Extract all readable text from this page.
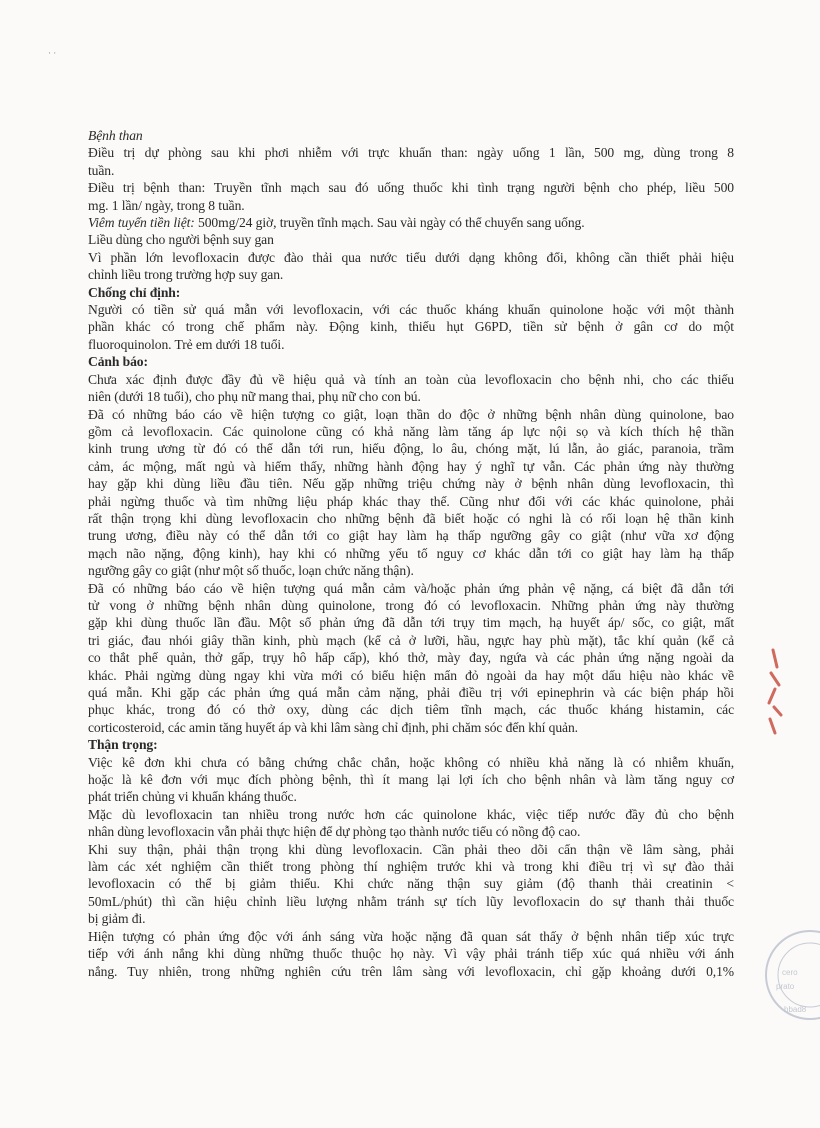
· ·
Bệnh than
Điều trị dự phòng sau khi phơi nhiễm với trực khuẩn than: ngày uống 1 lần, 500 mg, dùng trong 8
tuần.
Điều trị bệnh than: Truyền tĩnh mạch sau đó uống thuốc khi tình trạng người bệnh cho phép, liều 500
mg. 1 lần/ ngày, trong 8 tuần.
Viêm tuyến tiền liệt: 500mg/24 giờ, truyền tĩnh mạch. Sau vài ngày có thể chuyển sang uống.
Liều dùng cho người bệnh suy gan
Vì phần lớn levofloxacin được đào thải qua nước tiểu dưới dạng không đổi, không cần thiết phải hiệu
chỉnh liều trong trường hợp suy gan.
Chống chỉ định:
Người có tiền sử quá mẫn với levofloxacin, với các thuốc kháng khuẩn quinolone hoặc với một thành
phần khác có trong chế phẩm này. Động kinh, thiếu hụt G6PD, tiền sử bệnh ở gân cơ do một
fluoroquinolon. Trẻ em dưới 18 tuổi.
Cảnh báo:
Chưa xác định được đầy đủ về hiệu quả và tính an toàn của levofloxacin cho bệnh nhi, cho các thiếu
niên (dưới 18 tuổi), cho phụ nữ mang thai, phụ nữ cho con bú.
Đã có những báo cáo về hiện tượng co giật, loạn thần do độc ở những bệnh nhân dùng quinolone, bao
gồm cả levofloxacin. Các quinolone cũng có khả năng làm tăng áp lực nội sọ và kích thích hệ thần
kinh trung ương từ đó có thể dẫn tới run, hiếu động, lo âu, chóng mặt, lú lẫn, ảo giác, paranoia, trầm
cảm, ác mộng, mất ngủ và hiếm thấy, những hành động hay ý nghĩ tự vẫn. Các phản ứng này thường
hay gặp khi dùng liều đầu tiên. Nếu gặp những triệu chứng này ở bệnh nhân dùng levofloxacin, thì
phải ngừng thuốc và tìm những liệu pháp khác thay thế. Cũng như đối với các khác quinolone, phải
rất thận trọng khi dùng levofloxacin cho những bệnh đã biết hoặc có nghi là có rối loạn hệ thần kinh
trung ương, điều này có thể dẫn tới co giật hay làm hạ thấp ngưỡng gây co giật (như vữa xơ động
mạch não nặng, động kinh), hay khi có những yếu tố nguy cơ khác dẫn tới co giật hay làm hạ thấp
ngưỡng gây co giật (như một số thuốc, loạn chức năng thận).
Đã có những báo cáo về hiện tượng quá mẫn cảm và/hoặc phản ứng phản vệ nặng, cá biệt đã dẫn tới
tử vong ở những bệnh nhân dùng quinolone, trong đó có levofloxacin. Những phản ứng này thường
gặp khi dùng thuốc lần đầu. Một số phản ứng đã dẫn tới trụy tim mạch, hạ huyết áp/ sốc, co giật, mất
tri giác, đau nhói giây thần kinh, phù mạch (kể cả ở lưỡi, hầu, ngực hay phù mặt), tắc khí quản (kể cả
co thắt phế quản, thở gấp, trụy hô hấp cấp), khó thở, mày đay, ngứa và các phản ứng nặng ngoài da
khác. Phải ngừng dùng ngay khi vừa mới có biểu hiện mẩn đỏ ngoài da hay một dấu hiệu nào khác về
quá mẫn. Khi gặp các phản ứng quá mẫn cảm nặng, phải điều trị với epinephrin và các biện pháp hồi
phục khác, trong đó có thở oxy, dùng các dịch tiêm tĩnh mạch, các thuốc kháng histamin, các
corticosteroid, các amin tăng huyết áp và khi lâm sàng chỉ định, phi chăm sóc đến khí quản.
Thận trọng:
Việc kê đơn khi chưa có bằng chứng chắc chắn, hoặc không có nhiều khả năng là có nhiễm khuẩn,
hoặc là kê đơn với mục đích phòng bệnh, thì ít mang lại lợi ích cho bệnh nhân và làm tăng nguy cơ
phát triển chủng vi khuẩn kháng thuốc.
Mặc dù levofloxacin tan nhiều trong nước hơn các quinolone khác, việc tiếp nước đầy đủ cho bệnh
nhân dùng levofloxacin vẫn phải thực hiện để dự phòng tạo thành nước tiểu có nồng độ cao.
Khi suy thận, phải thận trọng khi dùng levofloxacin. Cần phải theo dõi cẩn thận về lâm sàng, phải
làm các xét nghiệm cần thiết trong phòng thí nghiệm trước khi và trong khi điều trị vì sự đào thải
levofloxacin có thể bị giảm thiểu. Khi chức năng thận suy giảm (độ thanh thải creatinin <
50mL/phút) thì cần hiệu chỉnh liều lượng nhằm tránh sự tích lũy levofloxacin do sự thanh thải thuốc
bị giảm đi.
Hiện tượng có phản ứng độc với ánh sáng vừa hoặc nặng đã quan sát thấy ở bệnh nhân tiếp xúc trực
tiếp với ánh nắng khi dùng những thuốc thuộc họ này. Vì vậy phải tránh tiếp xúc quá nhiều với ánh
nắng. Tuy nhiên, trong những nghiên cứu trên lâm sàng với levofloxacin, chỉ gặp khoảng dưới 0,1%	cero
prato
hbad8
